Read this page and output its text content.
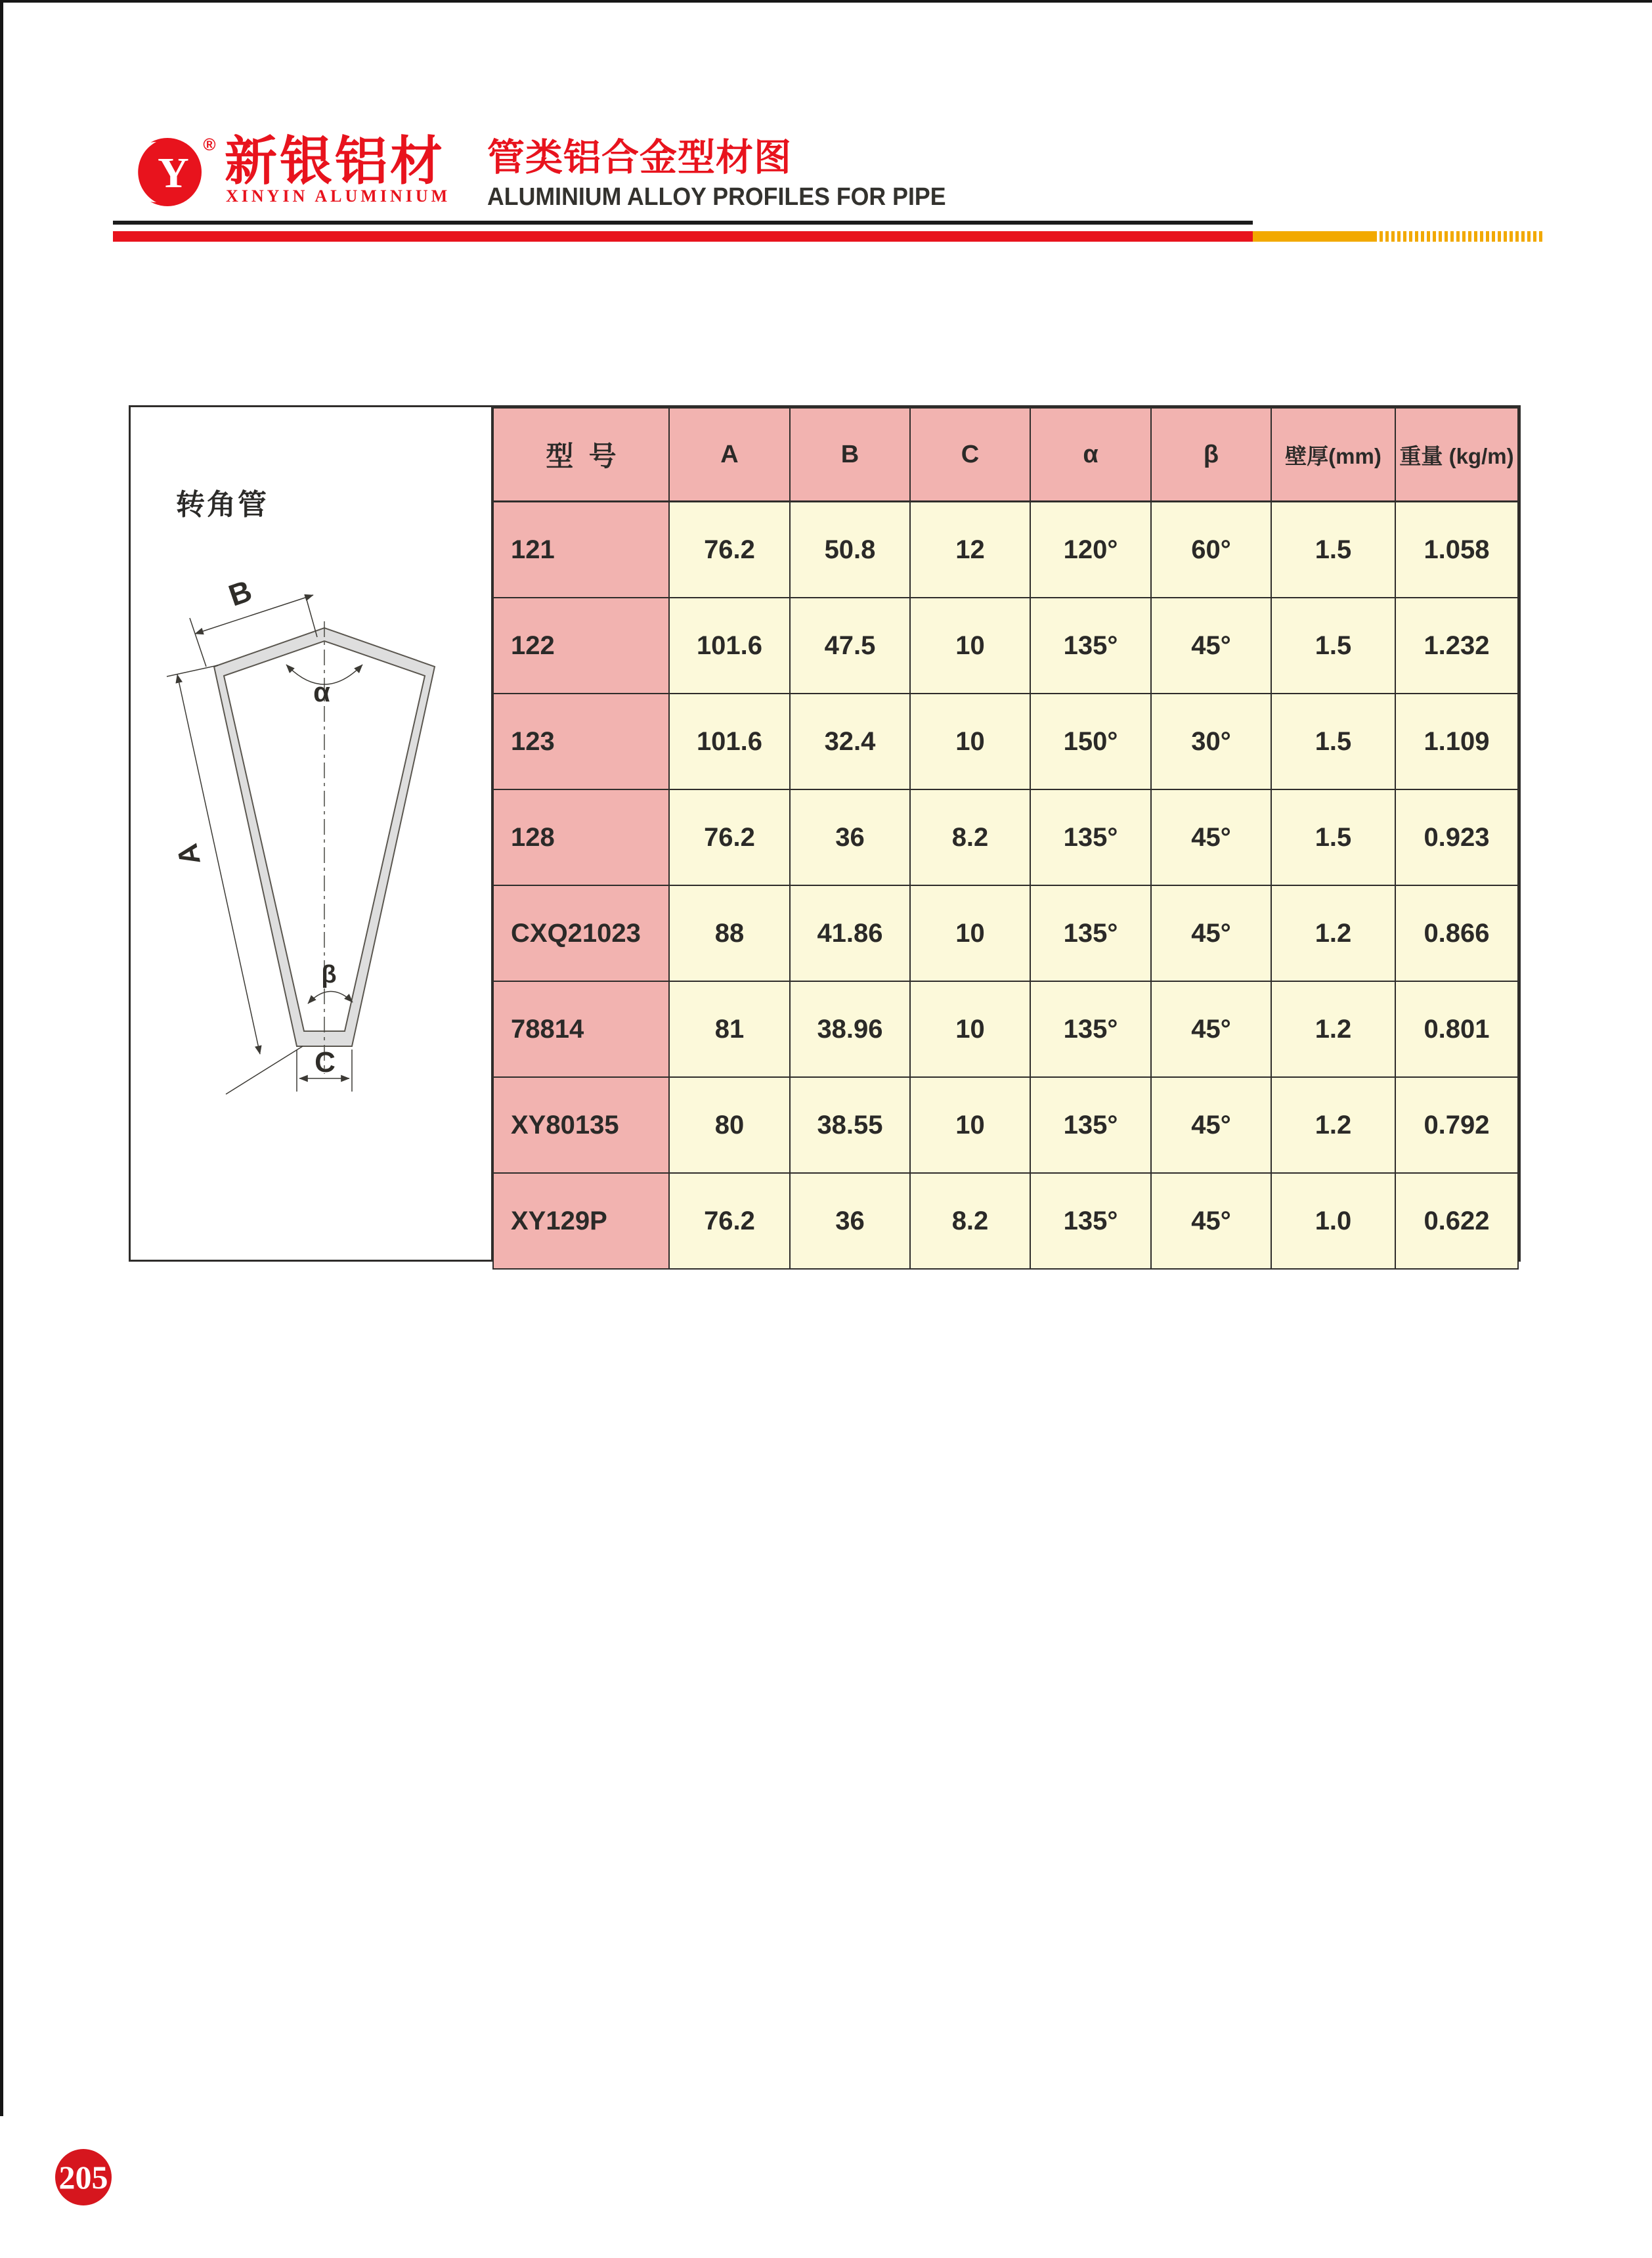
Y
® 新银铝材
XINYIN ALUMINIUM
管类铝合金型材图
ALUMINIUM ALLOY PROFILES FOR PIPE
转角管
α
β
B
A
C
型  号	A	B	C	α	β	壁厚(mm)	重量 (kg/m)
121	76.2	50.8	12	120°	60°	1.5	1.058
122	101.6	47.5	10	135°	45°	1.5	1.232
123	101.6	32.4	10	150°	30°	1.5	1.109
128	76.2	36	8.2	135°	45°	1.5	0.923
CXQ21023	88	41.86	10	135°	45°	1.2	0.866
78814	81	38.96	10	135°	45°	1.2	0.801
XY80135	80	38.55	10	135°	45°	1.2	0.792
XY129P	76.2	36	8.2	135°	45°	1.0	0.622
205
